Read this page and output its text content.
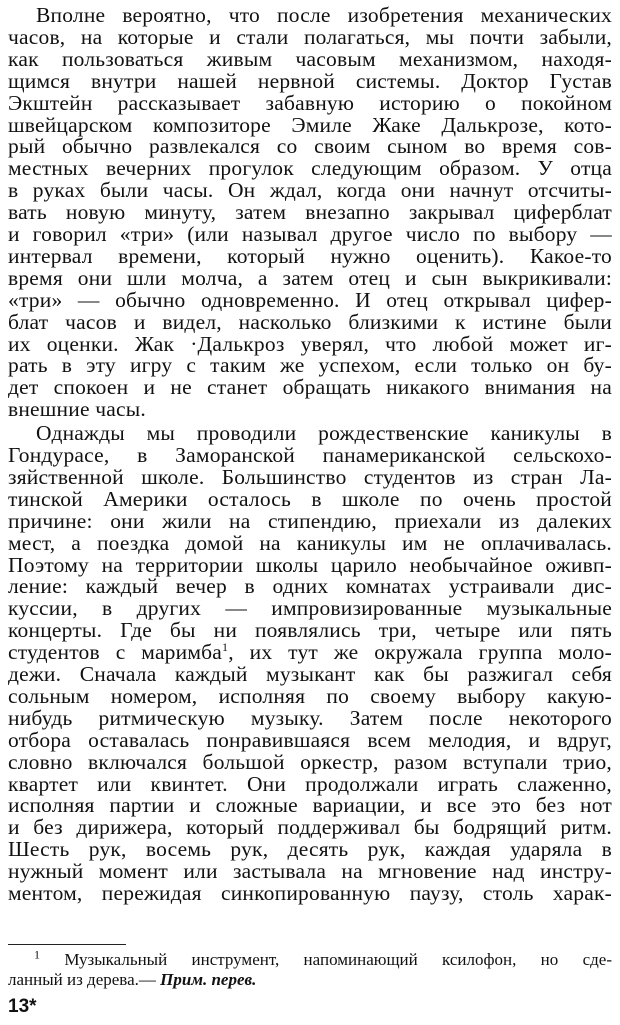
Вполне вероятно, что после изобретения механических
часов, на которые и стали полагаться, мы почти забыли,
как пользоваться живым часовым механизмом, находя-
щимся внутри нашей нервной системы. Доктор Густав
Экштейн рассказывает забавную историю о покойном
швейцарском композиторе Эмиле Жаке Далькрозе, кото-
рый обычно развлекался со своим сыном во время сов-
местных вечерних прогулок следующим образом. У отца
в руках были часы. Он ждал, когда они начнут отсчиты-
вать новую минуту, затем внезапно закрывал циферблат
и говорил «три» (или называл другое число по выбору —
интервал времени, который нужно оценить). Какое-то
время они шли молча, а затем отец и сын выкрикивали:
«три» — обычно одновременно. И отец открывал цифер-
блат часов и видел, насколько близкими к истине были
их оценки. Жак ·Далькроз уверял, что любой может иг-
рать в эту игру с таким же успехом, если только он бу-
дет спокоен и не станет обращать никакого внимания на
внешние часы.
Однажды мы проводили рождественские каникулы в
Гондурасе, в Заморанской панамериканской сельскохо-
зяйственной школе. Большинство студентов из стран Ла-
тинской Америки осталось в школе по очень простой
причине: они жили на стипендию, приехали из далеких
мест, а поездка домой на каникулы им не оплачивалась.
Поэтому на территории школы царило необычайное оживп-
ление: каждый вечер в одних комнатах устраивали дис-
куссии, в других — импровизированные музыкальные
концерты. Где бы ни появлялись три, четыре или пять
студентов с маримба$^1$, их тут же окружала группа моло-
дежи. Сначала каждый музыкант как бы разжигал себя
сольным номером, исполняя по своему выбору какую-
нибудь ритмическую музыку. Затем после некоторого
отбора оставалась понравившаяся всем мелодия, и вдруг,
словно включался большой оркестр, разом вступали трио,
квартет или квинтет. Они продолжали играть слаженно,
исполняя партии и сложные вариации, и все это без нот
и без дирижера, который поддерживал бы бодрящий ритм.
Шесть рук, восемь рук, десять рук, каждая ударяла в
нужный момент или застывала на мгновение над инстру-
ментом, пережидая синкопированную паузу, столь харак-
$^1$ Музыкальный инструмент, напоминающий ксилофон, но сде-
ланный из дерева.— Прим. перев.
13*
